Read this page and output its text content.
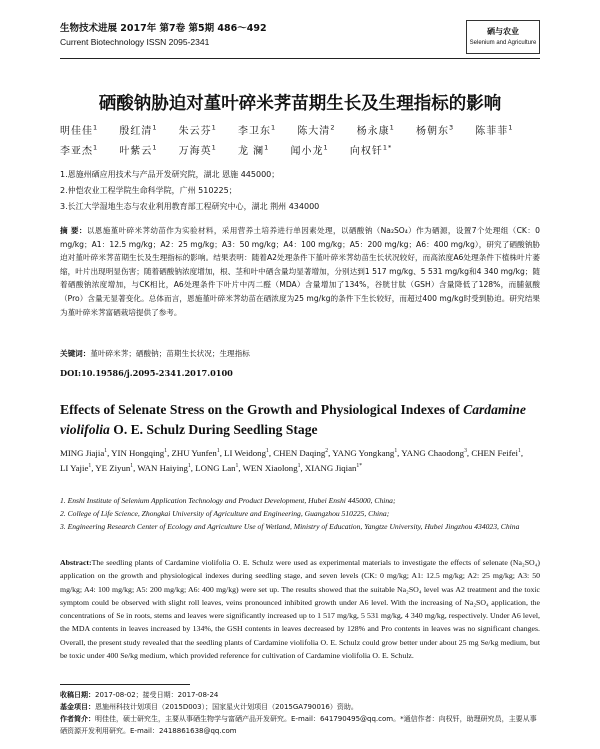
生物技术进展 2017年 第7卷 第5期 486～492
Current Biotechnology ISSN 2095-2341
硒与农业
Selenium and Agriculture
硒酸钠胁迫对堇叶碎米荠苗期生长及生理指标的影响
明佳佳$^1$ 殷红清$^1$ 朱云芬$^1$ 李卫东$^1$ 陈大清$^2$ 杨永康$^1$ 杨朝东$^3$ 陈菲菲$^1$ 李亚杰$^1$ 叶紫云$^1$ 万海英$^1$ 龙 澜$^1$ 闻小龙$^1$ 向权钎$^{1*}$
1.恩施州硒应用技术与产品开发研究院，湖北 恩施 445000；
2.仲恺农业工程学院生命科学院，广州 510225；
3.长江大学湿地生态与农业利用教育部工程研究中心，湖北 荆州 434000
摘 要：以恩施堇叶碎米荠幼苗作为实验材料，采用营养土培养进行单因素处理，以硒酸钠（Na₂SO₄）作为硒源，设置7个处理组（CK：0 mg/kg；A1：12.5 mg/kg；A2：25 mg/kg；A3：50 mg/kg；A4：100 mg/kg；A5：200 mg/kg；A6：400 mg/kg），研究了硒酸钠胁迫对堇叶碎米荠苗期生长及生理指标的影响。结果表明：随着A2处理条件下堇叶碎米荠幼苗生长状况较好，而高浓度A6处理条件下植株叶片萎缩，叶片出现明显伤害；随着硒酸钠浓度增加，根、茎和叶中硒含量均显著增加，分别达到1 517 mg/kg、5 531 mg/kg和4 340 mg/kg；随着硒酸钠浓度增加，与CK相比，A6处理条件下叶片中丙二醛（MDA）含量增加了134%，谷胱甘肽（GSH）含量降低了128%，而脯氨酸（Pro）含量无显著变化。总体而言，恩施堇叶碎米荠幼苗在硒浓度为25 mg/kg的条件下生长较好，而超过400 mg/kg时受到胁迫。研究结果为堇叶碎米荠富硒栽培提供了参考。
关键词：堇叶碎米荠；硒酸钠；苗期生长状况；生理指标
DOI:10.19586/j.2095-2341.2017.0100
Effects of Selenate Stress on the Growth and Physiological Indexes of Cardamine violifolia O. E. Schulz During Seedling Stage
MING Jiajia$^1$, YIN Hongqing$^1$, ZHU Yunfen$^1$, LI Weidong$^1$, CHEN Daqing$^2$, YANG Yongkang$^1$, YANG Chaodong$^3$, CHEN Feifei$^1$, LI Yajie$^1$, YE Ziyun$^1$, WAN Haiying$^1$, LONG Lan$^1$, WEN Xiaolong$^1$, XIANG Jiqian$^{1*}$
1. Enshi Institute of Selenium Application Technology and Product Development, Hubei Enshi 445000, China;
2. College of Life Science, Zhongkai University of Agriculture and Engineering, Guangzhou 510225, China;
3. Engineering Research Center of Ecology and Agriculture Use of Wetland, Ministry of Education, Yangtze University, Hubei Jingzhou 434023, China
Abstract:The seedling plants of Cardamine violifolia O. E. Schulz were used as experimental materials to investigate the effects of selenate (Na₂SO₄) application on the growth and physiological indexes during seedling stage, and seven levels (CK: 0 mg/kg; A1: 12.5 mg/kg; A2: 25 mg/kg; A3: 50 mg/kg; A4: 100 mg/kg; A5: 200 mg/kg; A6: 400 mg/kg) were set up. The results showed that the suitable Na₂SO₄ level was A2 treatment and the toxic symptom could be observed with slight roll leaves, veins pronounced inhibited growth under A6 level. With the increasing of Na₂SO₄ application, the concentrations of Se in roots, stems and leaves were significantly increased up to 1 517 mg/kg, 5 531 mg/kg, 4 340 mg/kg, respectively. Under A6 level, the MDA contents in leaves increased by 134%, the GSH contents in leaves decreased by 128% and Pro contents in leaves was no significant changes. Overall, the present study revealed that the seedling plants of Cardamine violifolia O. E. Schulz could grow better under about 25 mg Se/kg medium, but be toxic under 400 Se/kg medium, which provided reference for cultivation of Cardamine violifolia O. E. Schulz.
收稿日期：2017-08-02；接受日期：2017-08-24
基金项目：恩施州科技计划项目（2015D003）；国家星火计划项目（2015GA790016）资助。
作者简介：明佳佳，硕士研究生，主要从事硒生物学与富硒产品开发研究。E-mail：641790495@qq.com。*通信作者：向权钎，助理研究员，主要从事硒资源开发利用研究。E-mail：2418861638@qq.com
